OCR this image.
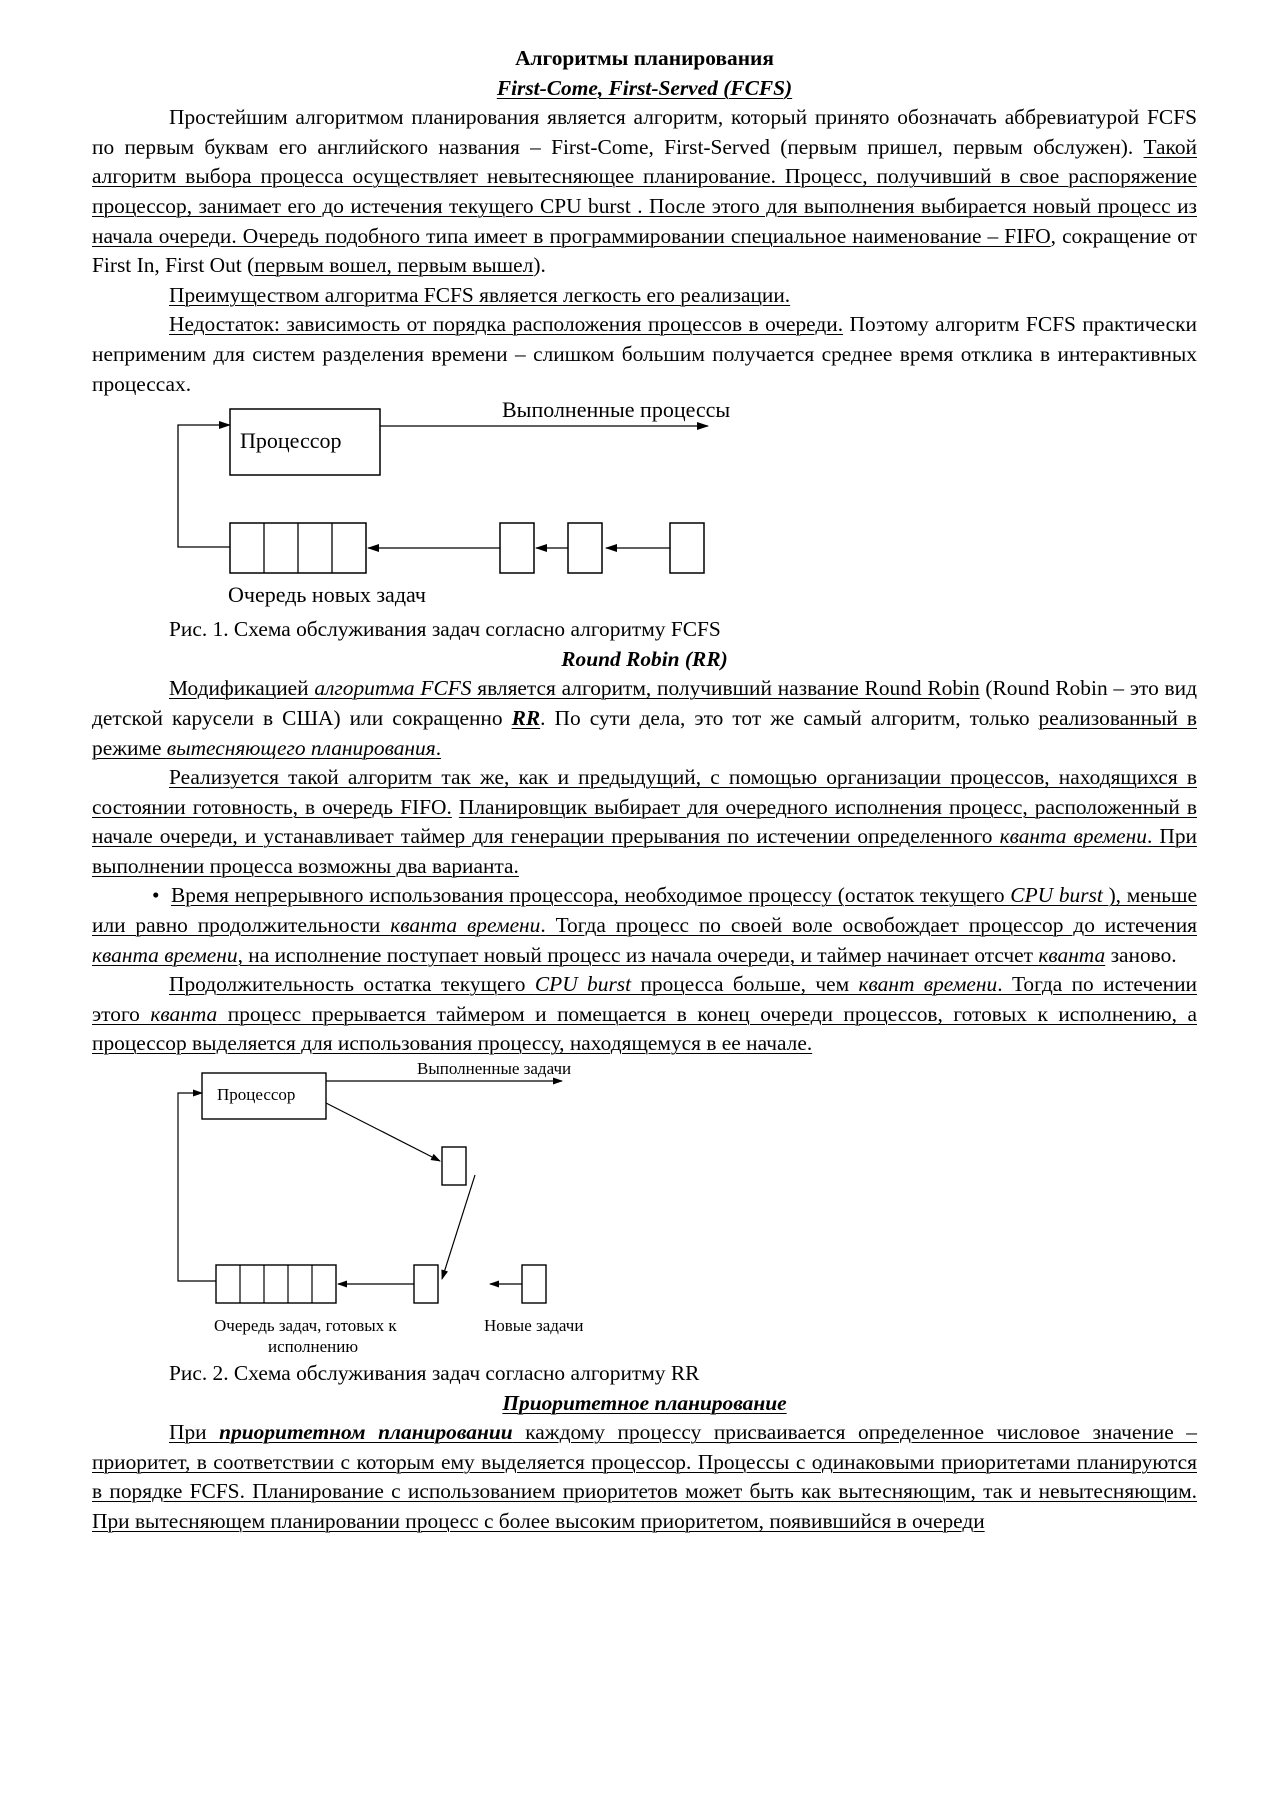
Алгоритмы планирования

First-Come, First-Served (FCFS)

Простейшим алгоритмом планирования является алгоритм, который принято обозначать аббревиатурой FCFS по первым буквам его английского названия – First-Come, First-Served (первым пришел, первым обслужен). Такой алгоритм выбора процесса осуществляет невытесняющее планирование. Процесс, получивший в свое распоряжение процессор, занимает его до истечения текущего CPU burst . После этого для выполнения выбирается новый процесс из начала очереди. Очередь подобного типа имеет в программировании специальное наименование – FIFO, сокращение от First In, First Out (первым вошел, первым вышел).

Преимуществом алгоритма FCFS является легкость его реализации.

Недостаток: зависимость от порядка расположения процессов в очереди. Поэтому алгоритм FCFS практически неприменим для систем разделения времени – слишком большим получается среднее время отклика в интерактивных процессах.

Процессор
Выполненные процессы
Очередь новых задач

Рис. 1. Схема обслуживания задач согласно алгоритму FCFS

Round Robin (RR)

Модификацией алгоритма FCFS является алгоритм, получивший название Round Robin (Round Robin – это вид детской карусели в США) или сокращенно RR. По сути дела, это тот же самый алгоритм, только реализованный в режиме вытесняющего планирования.

Реализуется такой алгоритм так же, как и предыдущий, с помощью организации процессов, находящихся в состоянии готовность, в очередь FIFO. Планировщик выбирает для очередного исполнения процесс, расположенный в начале очереди, и устанавливает таймер для генерации прерывания по истечении определенного кванта времени. При выполнении процесса возможны два варианта.

• Время непрерывного использования процессора, необходимое процессу (остаток текущего CPU burst ), меньше или равно продолжительности кванта времени. Тогда процесс по своей воле освобождает процессор до истечения кванта времени, на исполнение поступает новый процесс из начала очереди, и таймер начинает отсчет кванта заново.

Продолжительность остатка текущего CPU burst процесса больше, чем квант времени. Тогда по истечении этого кванта процесс прерывается таймером и помещается в конец очереди процессов, готовых к исполнению, а процессор выделяется для использования процессу, находящемуся в ее начале.

Процессор
Выполненные задачи
Очередь задач, готовых к
исполнению
Новые задачи

Рис. 2. Схема обслуживания задач согласно алгоритму RR

Приоритетное планирование

При приоритетном планировании каждому процессу присваивается определенное числовое значение – приоритет, в соответствии с которым ему выделяется процессор. Процессы с одинаковыми приоритетами планируются в порядке FCFS. Планирование с использованием приоритетов может быть как вытесняющим, так и невытесняющим. При вытесняющем планировании процесс с более высоким приоритетом, появившийся в очереди
